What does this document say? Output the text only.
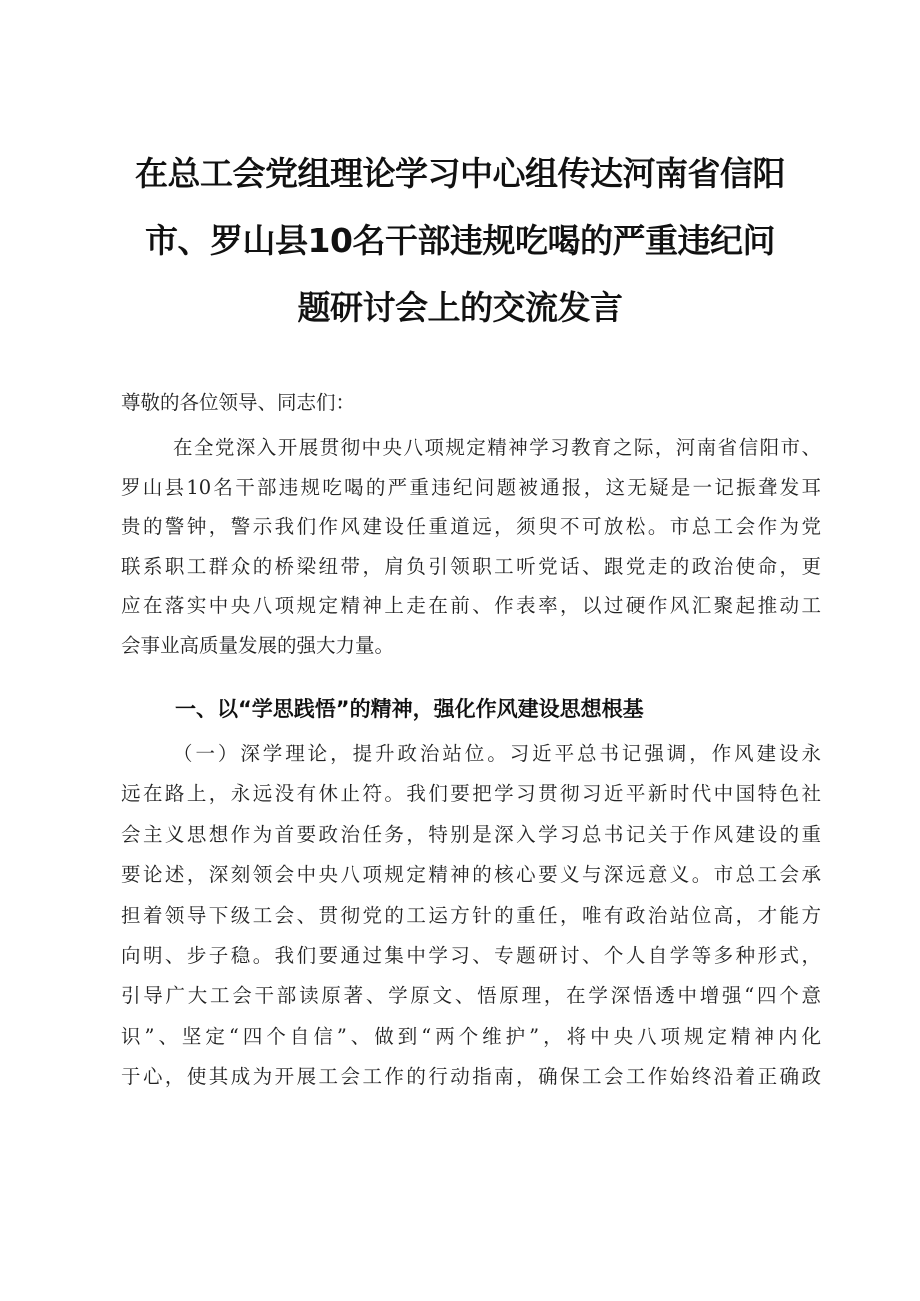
在总工会党组理论学习中心组传达河南省信阳
市、罗山县10名干部违规吃喝的严重违纪问
题研讨会上的交流发言

尊敬的各位领导、同志们：

在全党深入开展贯彻中央八项规定精神学习教育之际，河南省信阳市、
罗山县10名干部违规吃喝的严重违纪问题被通报，这无疑是一记振聋发耳
贵的警钟，警示我们作风建设任重道远，须臾不可放松。市总工会作为党
联系职工群众的桥梁纽带，肩负引领职工听党话、跟党走的政治使命，更
应在落实中央八项规定精神上走在前、作表率，以过硬作风汇聚起推动工
会事业高质量发展的强大力量。
一、以“学思践悟”的精神，强化作风建设思想根基
（一）深学理论，提升政治站位。习近平总书记强调，作风建设永
远在路上，永远没有休止符。我们要把学习贯彻习近平新时代中国特色社
会主义思想作为首要政治任务，特别是深入学习总书记关于作风建设的重
要论述，深刻领会中央八项规定精神的核心要义与深远意义。市总工会承
担着领导下级工会、贯彻党的工运方针的重任，唯有政治站位高，才能方
向明、步子稳。我们要通过集中学习、专题研讨、个人自学等多种形式，
引导广大工会干部读原著、学原文、悟原理，在学深悟透中增强“四个意
识”、坚定“四个自信”、做到“两个维护”，将中央八项规定精神内化
于心，使其成为开展工会工作的行动指南，确保工会工作始终沿着正确政
